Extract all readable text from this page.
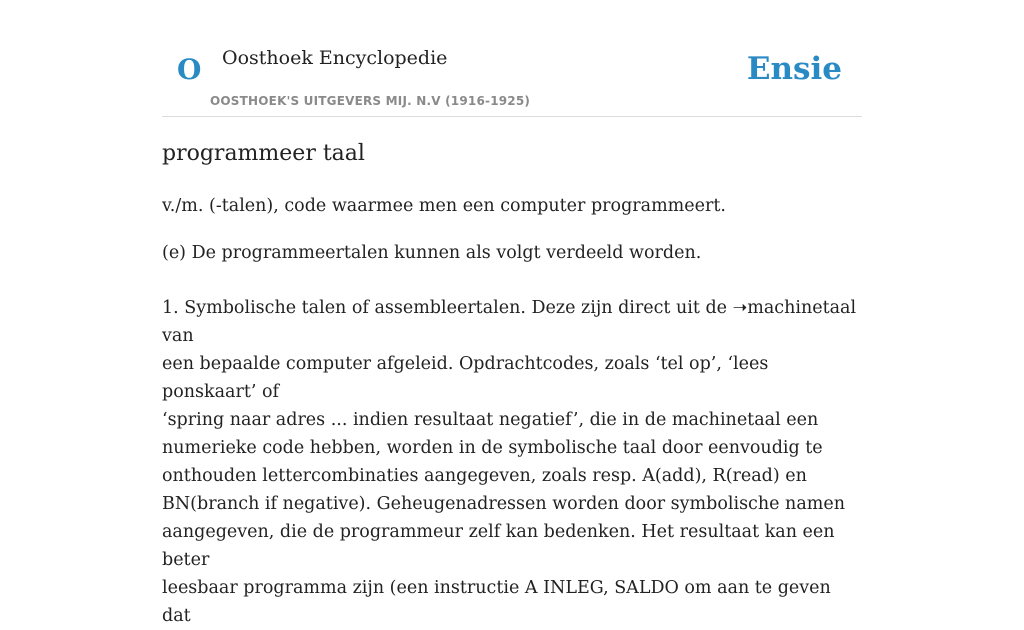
O Oosthoek Encyclopedie
OOSTHOEK'S UITGEVERS MIJ. N.V (1916-1925)
Ensie
programmeer taal

v./m. (-talen), code waarmee men een computer programmeert.

(e) De programmeertalen kunnen als volgt verdeeld worden.

1. Symbolische talen of assembleertalen. Deze zijn direct uit de ➝machinetaal van
een bepaalde computer afgeleid. Opdrachtcodes, zoals ‘tel op’, ‘lees ponskaart’ of
‘spring naar adres ... indien resultaat negatief’, die in de machinetaal een
numerieke code hebben, worden in de symbolische taal door eenvoudig te
onthouden lettercombinaties aangegeven, zoals resp. A(add), R(read) en
BN(branch if negative). Geheugenadressen worden door symbolische namen
aangegeven, die de programmeur zelf kan bedenken. Het resultaat kan een beter
leesbaar programma zijn (een instructie A INLEG, SALDO om aan te geven dat
